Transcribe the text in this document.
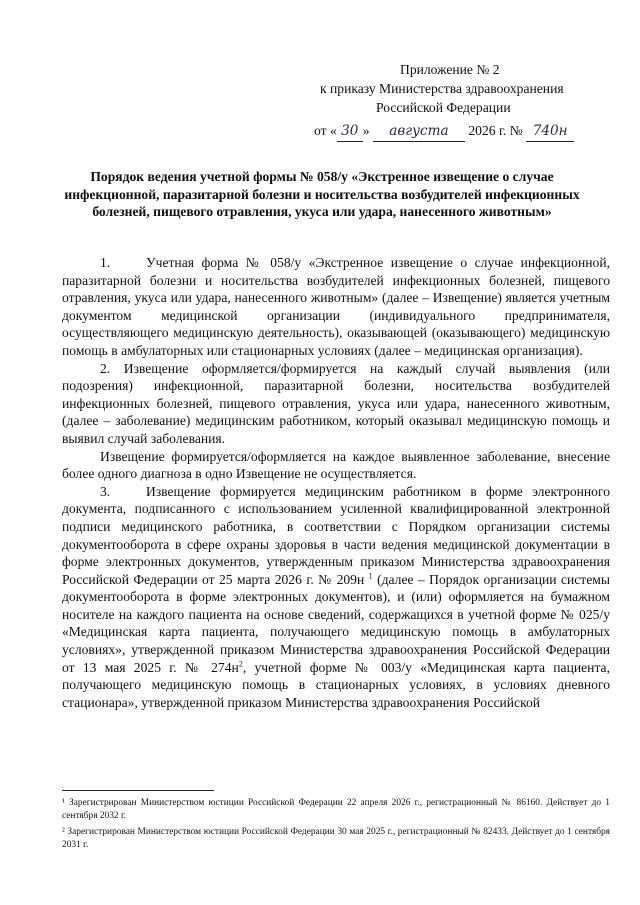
Приложение № 2
к приказу Министерства здравоохранения
Российской Федерации
от « 30 » августа 2026 г. № 740н
Порядок ведения учетной формы № 058/у «Экстренное извещение о случае инфекционной, паразитарной болезни и носительства возбудителей инфекционных болезней, пищевого отравления, укуса или удара, нанесенного животным»

1.	Учетная форма № 058/у «Экстренное извещение о случае инфекционной, паразитарной болезни и носительства возбудителей инфекционных болезней, пищевого отравления, укуса или удара, нанесенного животным» (далее – Извещение) является учетным документом медицинской организации (индивидуального предпринимателя, осуществляющего медицинскую деятельность), оказывающей (оказывающего) медицинскую помощь в амбулаторных или стационарных условиях (далее – медицинская организация).

2. Извещение оформляется/формируется на каждый случай выявления (или подозрения) инфекционной, паразитарной болезни, носительства возбудителей инфекционных болезней, пищевого отравления, укуса или удара, нанесенного животным, (далее – заболевание) медицинским работником, который оказывал медицинскую помощь и выявил случай заболевания.

Извещение формируется/оформляется на каждое выявленное заболевание, внесение более одного диагноза в одно Извещение не осуществляется.

3.	Извещение формируется медицинским работником в форме электронного документа, подписанного с использованием усиленной квалифицированной электронной подписи медицинского работника, в соответствии с Порядком организации системы документооборота в сфере охраны здоровья в части ведения медицинской документации в форме электронных документов, утвержденным приказом Министерства здравоохранения Российской Федерации от 25 марта 2026 г. № 209н $^1$ (далее – Порядок организации системы документооборота в форме электронных документов), и (или) оформляется на бумажном носителе на каждого пациента на основе сведений, содержащихся в учетной форме № 025/у «Медицинская карта пациента, получающего медицинскую помощь в амбулаторных условиях», утвержденной приказом Министерства здравоохранения Российской Федерации от 13 мая 2025 г. № $274н^2$, учетной форме № 003/у «Медицинская карта пациента, получающего медицинскую помощь в стационарных условиях, в условиях дневного стационара», утвержденной приказом Министерства здравоохранения Российской

¹ Зарегистрирован Министерством юстиции Российской Федерации 22 апреля 2026 г., регистрационный № 86160. Действует до 1 сентября 2032 г.

² Зарегистрирован Министерством юстиции Российской Федерации 30 мая 2025 г., регистрационный № 82433. Действует до 1 сентября 2031 г.
